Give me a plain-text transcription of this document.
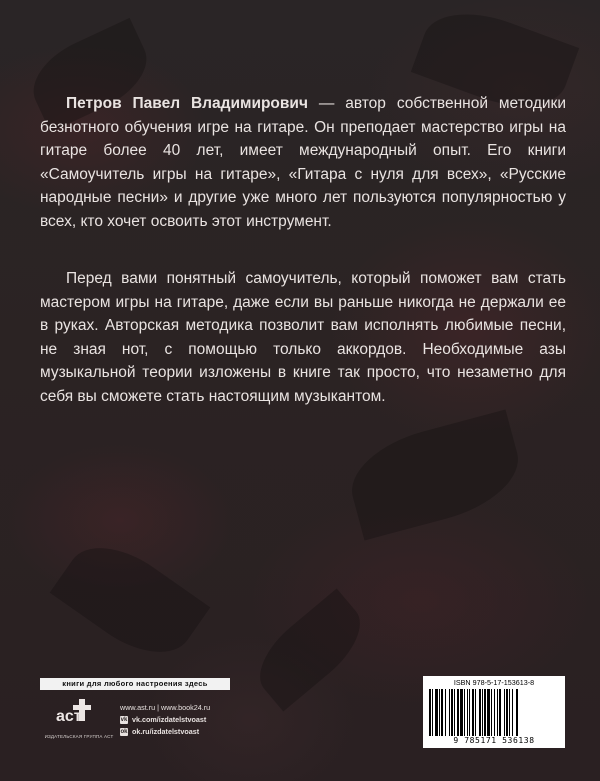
Петров Павел Владимирович — автор собственной методики безнотного обучения игре на гитаре. Он преподает мастерство игры на гитаре более 40 лет, имеет международный опыт. Его книги «Самоучитель игры на гитаре», «Гитара с нуля для всех», «Русские народные песни» и другие уже много лет пользуются популярностью у всех, кто хочет освоить этот инструмент.

Перед вами понятный самоучитель, который поможет вам стать мастером игры на гитаре, даже если вы раньше никогда не держали ее в руках. Авторская методика позволит вам исполнять любимые песни, не зная нот, с помощью только аккордов. Необходимые азы музыкальной теории изложены в книге так просто, что незаметно для себя вы сможете стать настоящим музыкантом.

книги для любого настроения здесь
аст
ИЗДАТЕЛЬСКАЯ ГРУППА АСТ
www.ast.ru | www.book24.ru
vk vk.com/izdatelstvoast
ok ok.ru/izdatelstvoast
ISBN 978-5-17-153613-8
9 785171 536138
